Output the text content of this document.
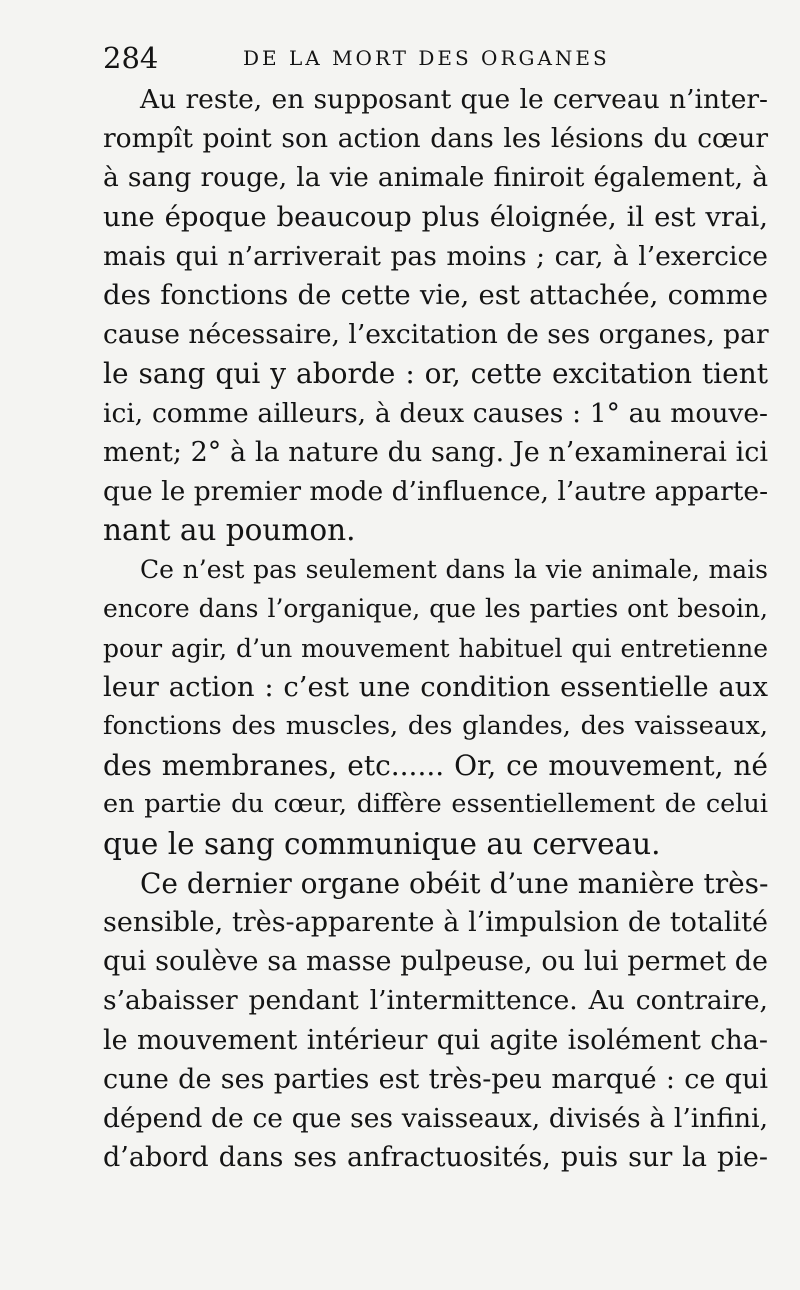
284	DE LA MORT DES ORGANES
Au reste, en supposant que le cerveau n’inter-
rompît point son action dans les lésions du cœur
à sang rouge, la vie animale finiroit également, à
une époque beaucoup plus éloignée, il est vrai,
mais qui n’arriverait pas moins ; car, à l’exercice
des fonctions de cette vie, est attachée, comme
cause nécessaire, l’excitation de ses organes, par
le sang qui y aborde : or, cette excitation tient
ici, comme ailleurs, à deux causes : 1° au mouve-
ment; 2° à la nature du sang. Je n’examinerai ici
que le premier mode d’influence, l’autre apparte-
nant au poumon.
Ce n’est pas seulement dans la vie animale, mais
encore dans l’organique, que les parties ont besoin,
pour agir, d’un mouvement habituel qui entretienne
leur action : c’est une condition essentielle aux
fonctions des muscles, des glandes, des vaisseaux,
des membranes, etc...... Or, ce mouvement, né
en partie du cœur, diffère essentiellement de celui
que le sang communique au cerveau.
Ce dernier organe obéit d’une manière très-
sensible, très-apparente à l’impulsion de totalité
qui soulève sa masse pulpeuse, ou lui permet de
s’abaisser pendant l’intermittence. Au contraire,
le mouvement intérieur qui agite isolément cha-
cune de ses parties est très-peu marqué : ce qui
dépend de ce que ses vaisseaux, divisés à l’infini,
d’abord dans ses anfractuosités, puis sur la pie-
